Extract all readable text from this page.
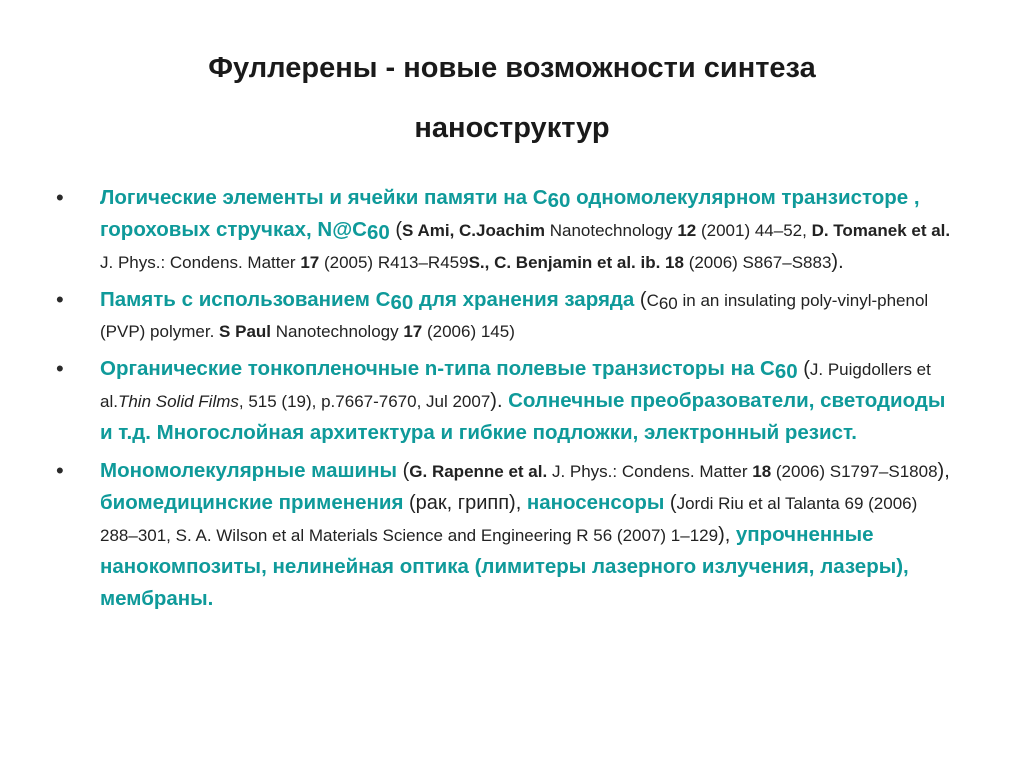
Фуллерены - новые возможности синтеза
наноструктур
• Логические элементы и ячейки памяти на $С_{60}$ одномолекулярном транзисторе , гороховых стручках, $N@C_{60}$ (S Ami, C.Joachim Nanotechnology 12 (2001) 44–52, D. Tomanek et al. J. Phys.: Condens. Matter 17 (2005) R413–R459S., C. Benjamin et al. ib. 18 (2006) S867–S883).
• Память с использованием $С_{60}$ для хранения заряда ($C_{60}$ in an insulating poly-vinyl-phenol (PVP) polymer. S Paul Nanotechnology 17 (2006) 145)
• Органические тонкопленочные n-типа полевые транзисторы на $С_{60}$ (J. Puigdollers et al.Thin Solid Films, 515 (19), p.7667-7670, Jul 2007). Солнечные преобразователи, светодиоды и т.д. Многослойная архитектура и гибкие подложки, электронный резист.
• Мономолекулярные машины (G. Rapenne et al. J. Phys.: Condens. Matter 18 (2006) S1797–S1808), биомедицинские применения (рак, грипп), наносенсоры (Jordi Riu et al Talanta 69 (2006) 288–301, S. A. Wilson et al Materials Science and Engineering R 56 (2007) 1–129), упрочненные нанокомпозиты, нелинейная оптика (лимитеры лазерного излучения, лазеры), мембраны.
